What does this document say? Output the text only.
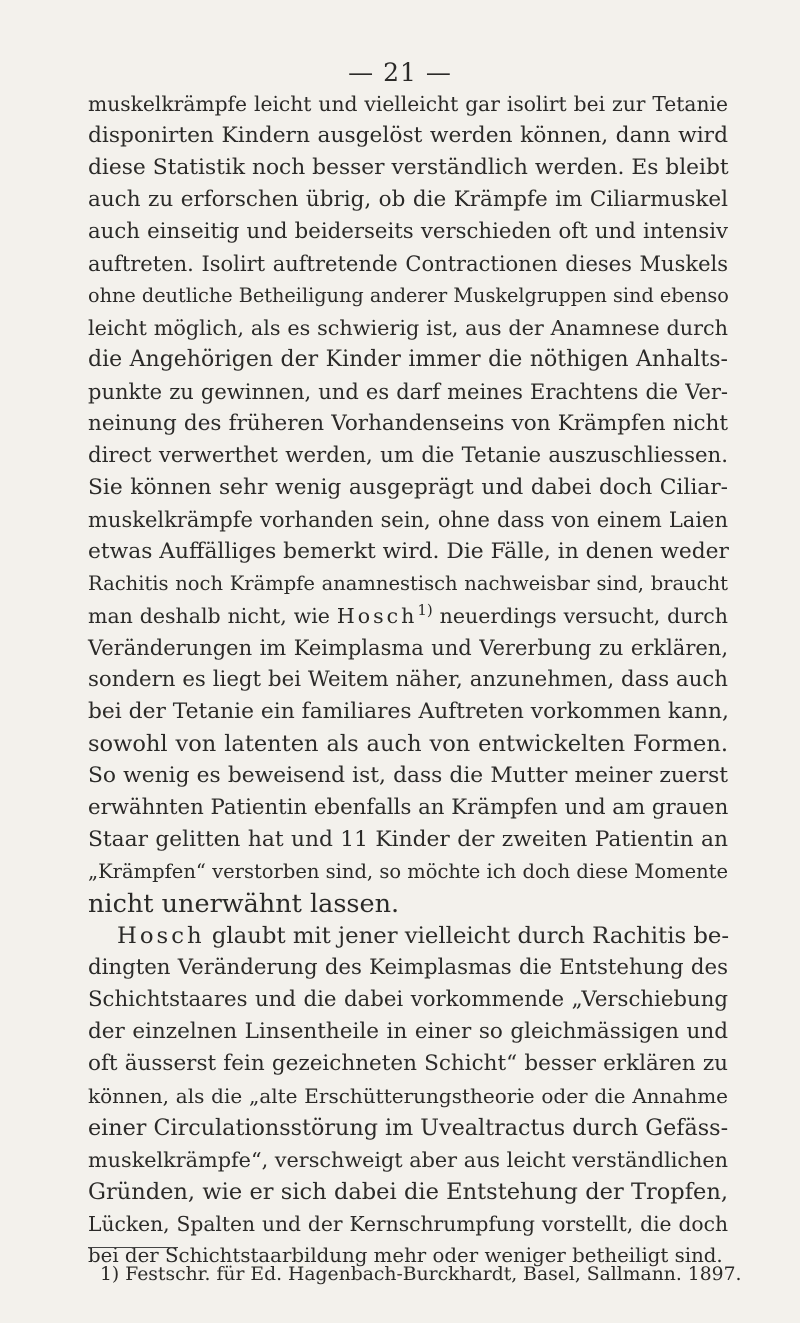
— 21 —
muskelkrämpfe leicht und vielleicht gar isolirt bei zur Tetanie
disponirten Kindern ausgelöst werden können, dann wird
diese Statistik noch besser verständlich werden. Es bleibt
auch zu erforschen übrig, ob die Krämpfe im Ciliarmuskel
auch einseitig und beiderseits verschieden oft und intensiv
auftreten. Isolirt auftretende Contractionen dieses Muskels
ohne deutliche Betheiligung anderer Muskelgruppen sind ebenso
leicht möglich, als es schwierig ist, aus der Anamnese durch
die Angehörigen der Kinder immer die nöthigen Anhalts-
punkte zu gewinnen, und es darf meines Erachtens die Ver-
neinung des früheren Vorhandenseins von Krämpfen nicht
direct verwerthet werden, um die Tetanie auszuschliessen.
Sie können sehr wenig ausgeprägt und dabei doch Ciliar-
muskelkrämpfe vorhanden sein, ohne dass von einem Laien
etwas Auffälliges bemerkt wird. Die Fälle, in denen weder
Rachitis noch Krämpfe anamnestisch nachweisbar sind, braucht
man deshalb nicht, wie Hosch$^{1)}$ neuerdings versucht, durch
Veränderungen im Keimplasma und Vererbung zu erklären,
sondern es liegt bei Weitem näher, anzunehmen, dass auch
bei der Tetanie ein familiares Auftreten vorkommen kann,
sowohl von latenten als auch von entwickelten Formen.
So wenig es beweisend ist, dass die Mutter meiner zuerst
erwähnten Patientin ebenfalls an Krämpfen und am grauen
Staar gelitten hat und 11 Kinder der zweiten Patientin an
„Krämpfen“ verstorben sind, so möchte ich doch diese Momente
nicht unerwähnt lassen.
Hosch glaubt mit jener vielleicht durch Rachitis be-
dingten Veränderung des Keimplasmas die Entstehung des
Schichtstaares und die dabei vorkommende „Verschiebung
der einzelnen Linsentheile in einer so gleichmässigen und
oft äusserst fein gezeichneten Schicht“ besser erklären zu
können, als die „alte Erschütterungstheorie oder die Annahme
einer Circulationsstörung im Uvealtractus durch Gefäss-
muskelkrämpfe“, verschweigt aber aus leicht verständlichen
Gründen, wie er sich dabei die Entstehung der Tropfen,
Lücken, Spalten und der Kernschrumpfung vorstellt, die doch
bei der Schichtstaarbildung mehr oder weniger betheiligt sind.
1) Festschr. für Ed. Hagenbach-Burckhardt, Basel, Sallmann. 1897.
